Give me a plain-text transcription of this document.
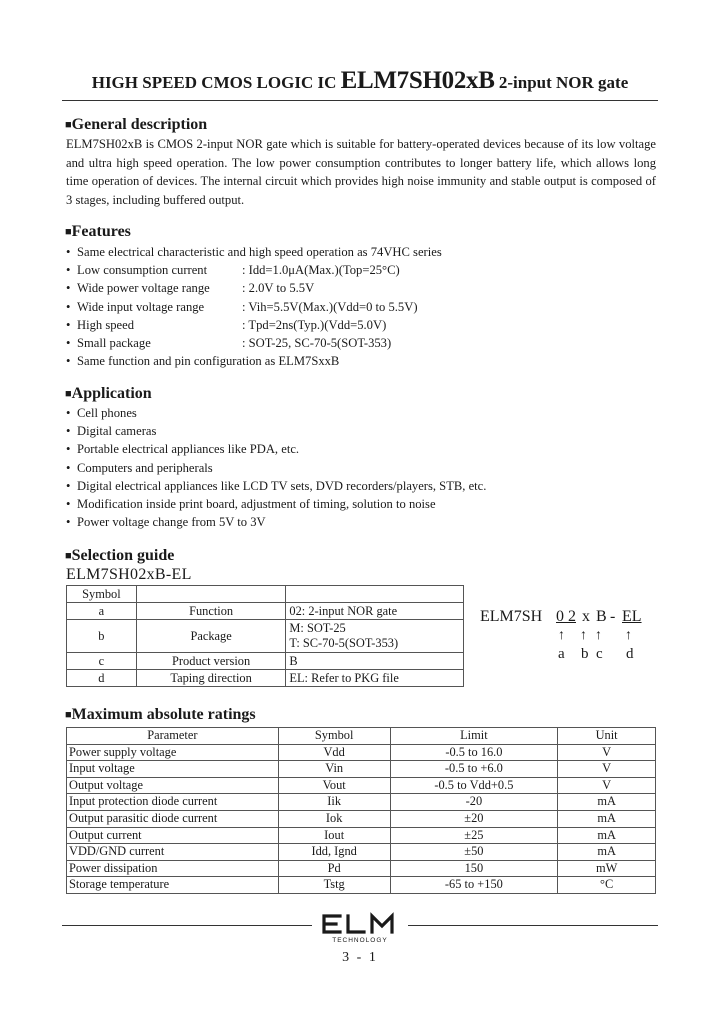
HIGH SPEED CMOS LOGIC IC ELM7SH02xB 2-input NOR gate
■General description
ELM7SH02xB is CMOS 2-input NOR gate which is suitable for battery-operated devices because of its low voltage and ultra high speed operation. The low power consumption contributes to longer battery life, which allows long time operation of devices. The internal circuit which provides high noise immunity and stable output is composed of 3 stages, including buffered output.
■Features
• Same electrical characteristic and high speed operation as 74VHC series
• Low consumption current	: Idd=1.0μA(Max.)(Top=25°C)
• Wide power voltage range	: 2.0V to 5.5V
• Wide input voltage range	: Vih=5.5V(Max.)(Vdd=0 to 5.5V)
• High speed	: Tpd=2ns(Typ.)(Vdd=5.0V)
• Small package	: SOT-25, SC-70-5(SOT-353)
• Same function and pin configuration as ELM7SxxB
■Application
• Cell phones
• Digital cameras
• Portable electrical appliances like PDA, etc.
• Computers and peripherals
• Digital electrical appliances like LCD TV sets, DVD recorders/players, STB, etc.
• Modification inside print board, adjustment of timing, solution to noise
• Power voltage change from 5V to 3V
■Selection guide
ELM7SH02xB-EL
Symbol		
a	Function	02: 2-input NOR gate
b	Package	M: SOT-25
T: SC-70-5(SOT-353)

c	Product version	B
d	Taping direction	EL: Refer to PKG file
ELM7SH 0 2 x B - EL
↑ ↑ ↑ ↑
a b c d
■Maximum absolute ratings
Parameter	Symbol	Limit	Unit
Power supply voltage	Vdd	-0.5 to 16.0	V
Input voltage	Vin	-0.5 to +6.0	V
Output voltage	Vout	-0.5 to Vdd+0.5	V
Input protection diode current	Iik	-20	mA
Output parasitic diode current	Iok	±20	mA
Output current	Iout	±25	mA
VDD/GND current	Idd, Ignd	±50	mA
Power dissipation	Pd	150	mW
Storage temperature	Tstg	-65 to +150	°C
TECHNOLOGY
3 - 1
